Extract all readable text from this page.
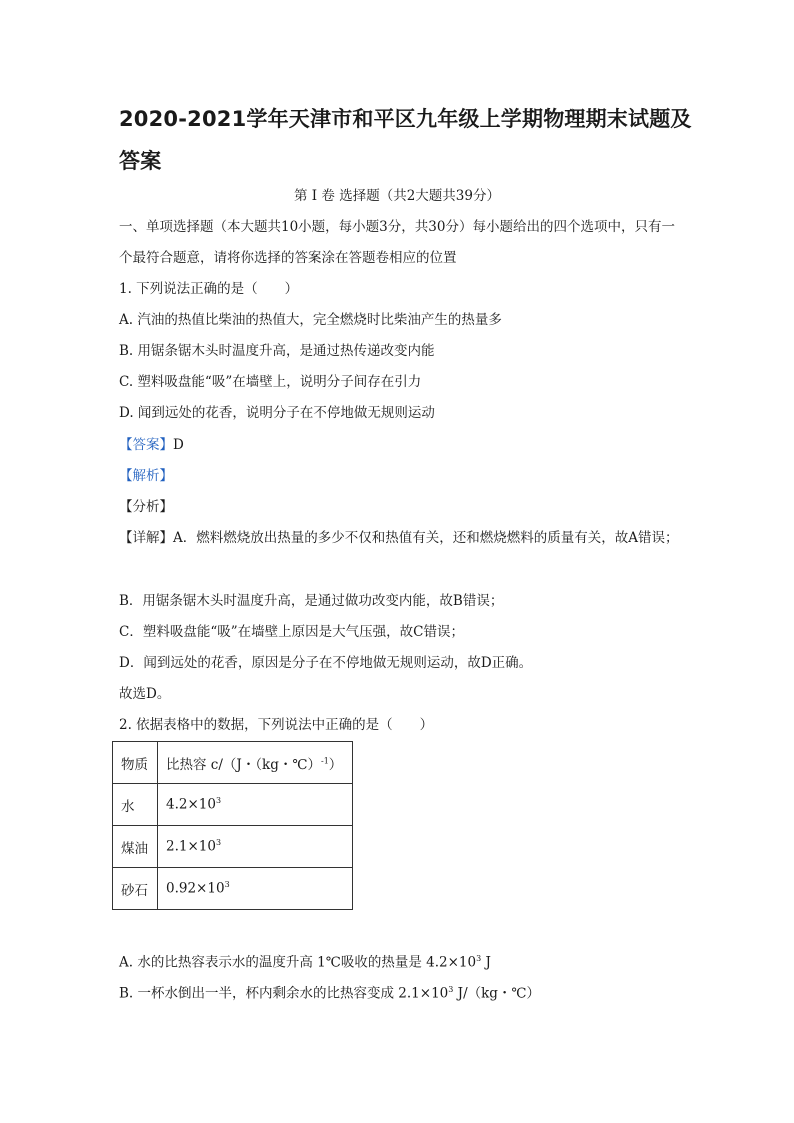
2020-2021学年天津市和平区九年级上学期物理期末试题及答案
第 Ⅰ 卷 选择题（共2大题共39分）
一、单项选择题（本大题共10小题，每小题3分，共30分）每小题给出的四个选项中，只有一个最符合题意，请将你选择的答案涂在答题卷相应的位置
1. 下列说法正确的是（　　）
A. 汽油的热值比柴油的热值大，完全燃烧时比柴油产生的热量多
B. 用锯条锯木头时温度升高，是通过热传递改变内能
C. 塑料吸盘能“吸”在墙壁上，说明分子间存在引力
D. 闻到远处的花香，说明分子在不停地做无规则运动
【答案】D
【解析】
【分析】
【详解】A．燃料燃烧放出热量的多少不仅和热值有关，还和燃烧燃料的质量有关，故A错误；
B．用锯条锯木头时温度升高，是通过做功改变内能，故B错误；
C．塑料吸盘能“吸”在墙壁上原因是大气压强，故C错误；
D．闻到远处的花香，原因是分子在不停地做无规则运动，故D正确。
故选D。
2. 依据表格中的数据，下列说法中正确的是（　　）
物质	比热容 c/（J・（kg・℃）$^{-1}$）
水	$4.2\times 10^3$
煤油	$2.1\times 10^3$
砂石	$0.92\times 10^3$
A. 水的比热容表示水的温度升高 1℃吸收的热量是 $4.2\times 10^3$ J
B. 一杯水倒出一半，杯内剩余水的比热容变成 $2.1\times 10^3$ J/（kg・℃）
